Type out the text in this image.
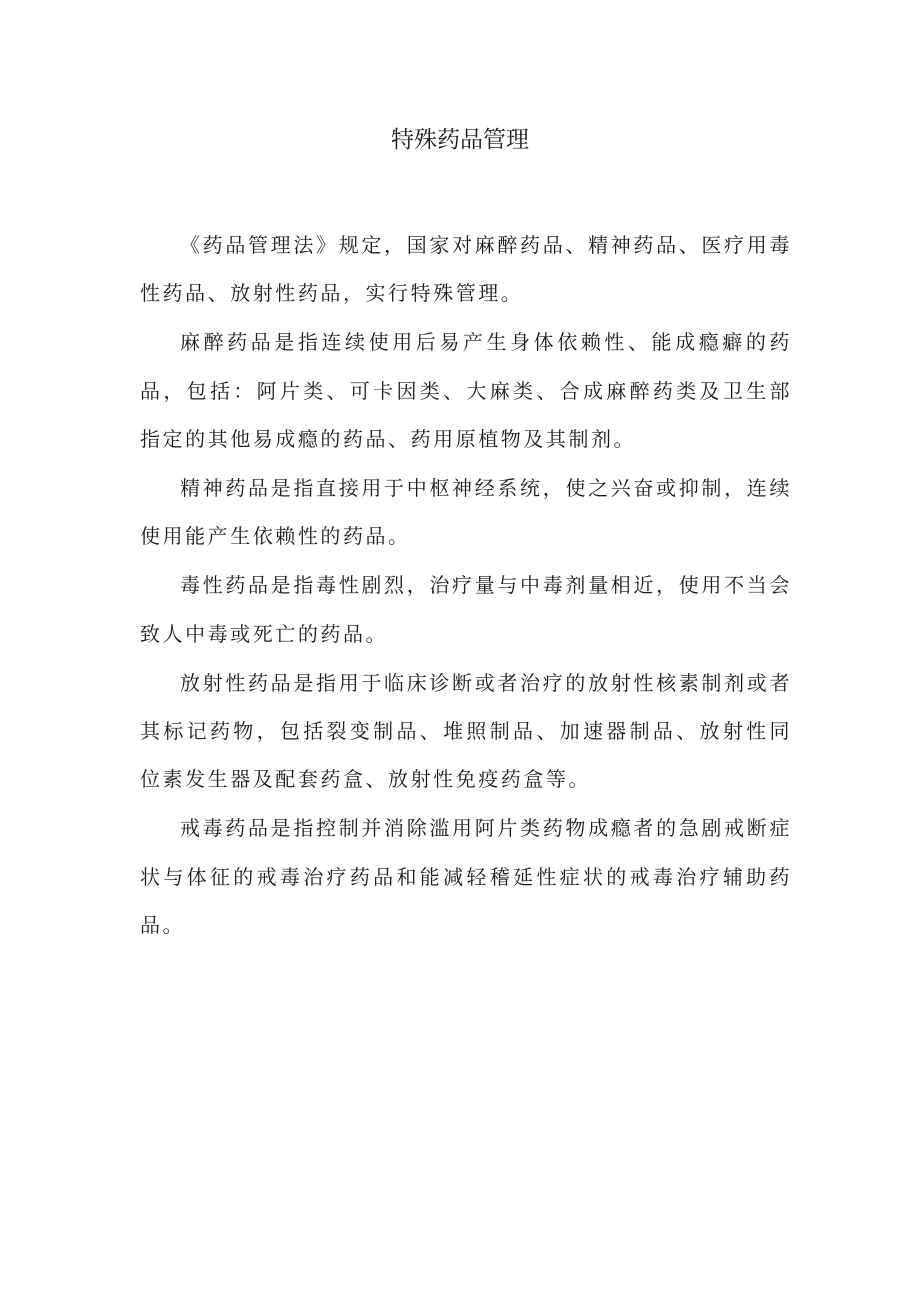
特殊药品管理

《药品管理法》规定，国家对麻醉药品、精神药品、医疗用毒性药品、放射性药品，实行特殊管理。

麻醉药品是指连续使用后易产生身体依赖性、能成瘾癖的药品，包括：阿片类、可卡因类、大麻类、合成麻醉药类及卫生部指定的其他易成瘾的药品、药用原植物及其制剂。

精神药品是指直接用于中枢神经系统，使之兴奋或抑制，连续使用能产生依赖性的药品。

毒性药品是指毒性剧烈，治疗量与中毒剂量相近，使用不当会致人中毒或死亡的药品。

放射性药品是指用于临床诊断或者治疗的放射性核素制剂或者其标记药物，包括裂变制品、堆照制品、加速器制品、放射性同位素发生器及配套药盒、放射性免疫药盒等。

戒毒药品是指控制并消除滥用阿片类药物成瘾者的急剧戒断症状与体征的戒毒治疗药品和能减轻稽延性症状的戒毒治疗辅助药品。
